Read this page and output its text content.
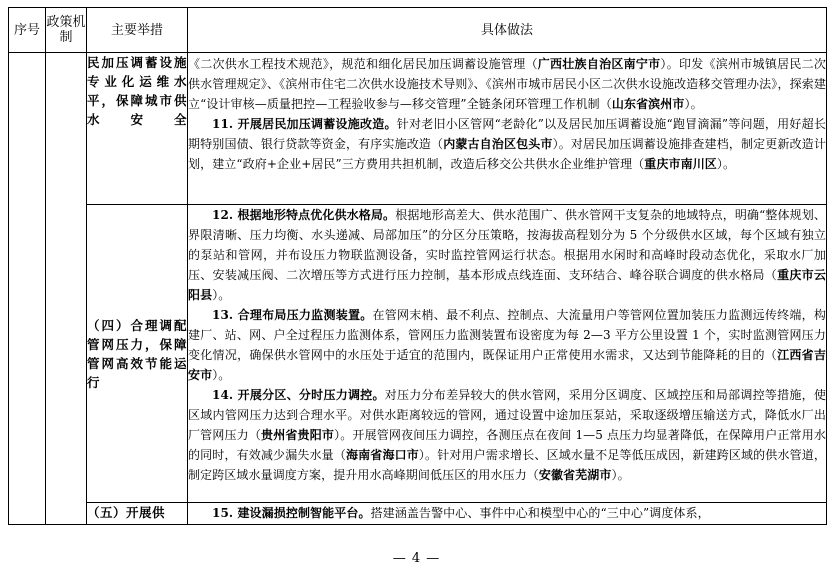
序号	政策机制	主要举措	具体做法
		民加压调蓄设施专业化运维水平，保障城市供水安全	《二次供水工程技术规范》，规范和细化居民加压调蓄设施管理（广西壮族自治区南宁市）。印发《滨州市城镇居民二次供水管理规定》、《滨州市住宅二次供水设施技术导则》、《滨州市城市居民小区二次供水设施改造移交管理办法》，探索建立“设计审核—质量把控—工程验收参与—移交管理”全链条闭环管理工作机制（山东省滨州市）。
11. 开展居民加压调蓄设施改造。针对老旧小区管网“老龄化”以及居民加压调蓄设施“跑冒滴漏”等问题，用好超长期特别国债、银行贷款等资金，有序实施改造（内蒙古自治区包头市）。对居民加压调蓄设施排查建档，制定更新改造计划，建立“政府+企业+居民”三方费用共担机制，改造后移交公共供水企业维护管理（重庆市南川区）。

		（四）合理调配管网压力，保障管网高效节能运行	12. 根据地形特点优化供水格局。根据地形高差大、供水范围广、供水管网干支复杂的地域特点，明确“整体规划、界限清晰、压力均衡、水头递减、局部加压”的分区分压策略，按海拔高程划分为 5 个分级供水区域，每个区域有独立的泵站和管网，并布设压力物联监测设备，实时监控管网运行状态。根据用水闲时和高峰时段动态优化，采取水厂加压、安装减压阀、二次增压等方式进行压力控制，基本形成点线连面、支环结合、峰谷联合调度的供水格局（重庆市云阳县）。
13. 合理布局压力监测装置。在管网末梢、最不利点、控制点、大流量用户等管网位置加装压力监测远传终端，构建厂、站、网、户全过程压力监测体系，管网压力监测装置布设密度为每 2—3 平方公里设置 1 个，实时监测管网压力变化情况，确保供水管网中的水压处于适宜的范围内，既保证用户正常使用水需求，又达到节能降耗的目的（江西省吉安市）。
14. 开展分区、分时压力调控。对压力分布差异较大的供水管网，采用分区调度、区域控压和局部调控等措施，使区域内管网压力达到合理水平。对供水距离较远的管网，通过设置中途加压泵站，采取逐级增压输送方式，降低水厂出厂管网压力（贵州省贵阳市）。开展管网夜间压力调控，各测压点在夜间 1—5 点压力均显著降低，在保障用户正常用水的同时，有效减少漏失水量（海南省海口市）。针对用户需求增长、区域水量不足等低压成因，新建跨区域的供水管道，制定跨区域水量调度方案，提升用水高峰期间低压区的用水压力（安徽省芜湖市）。

		（五）开展供	15. 建设漏损控制智能平台。搭建涵盖告警中心、事件中心和模型中心的“三中心”调度体系，
— 4 —
